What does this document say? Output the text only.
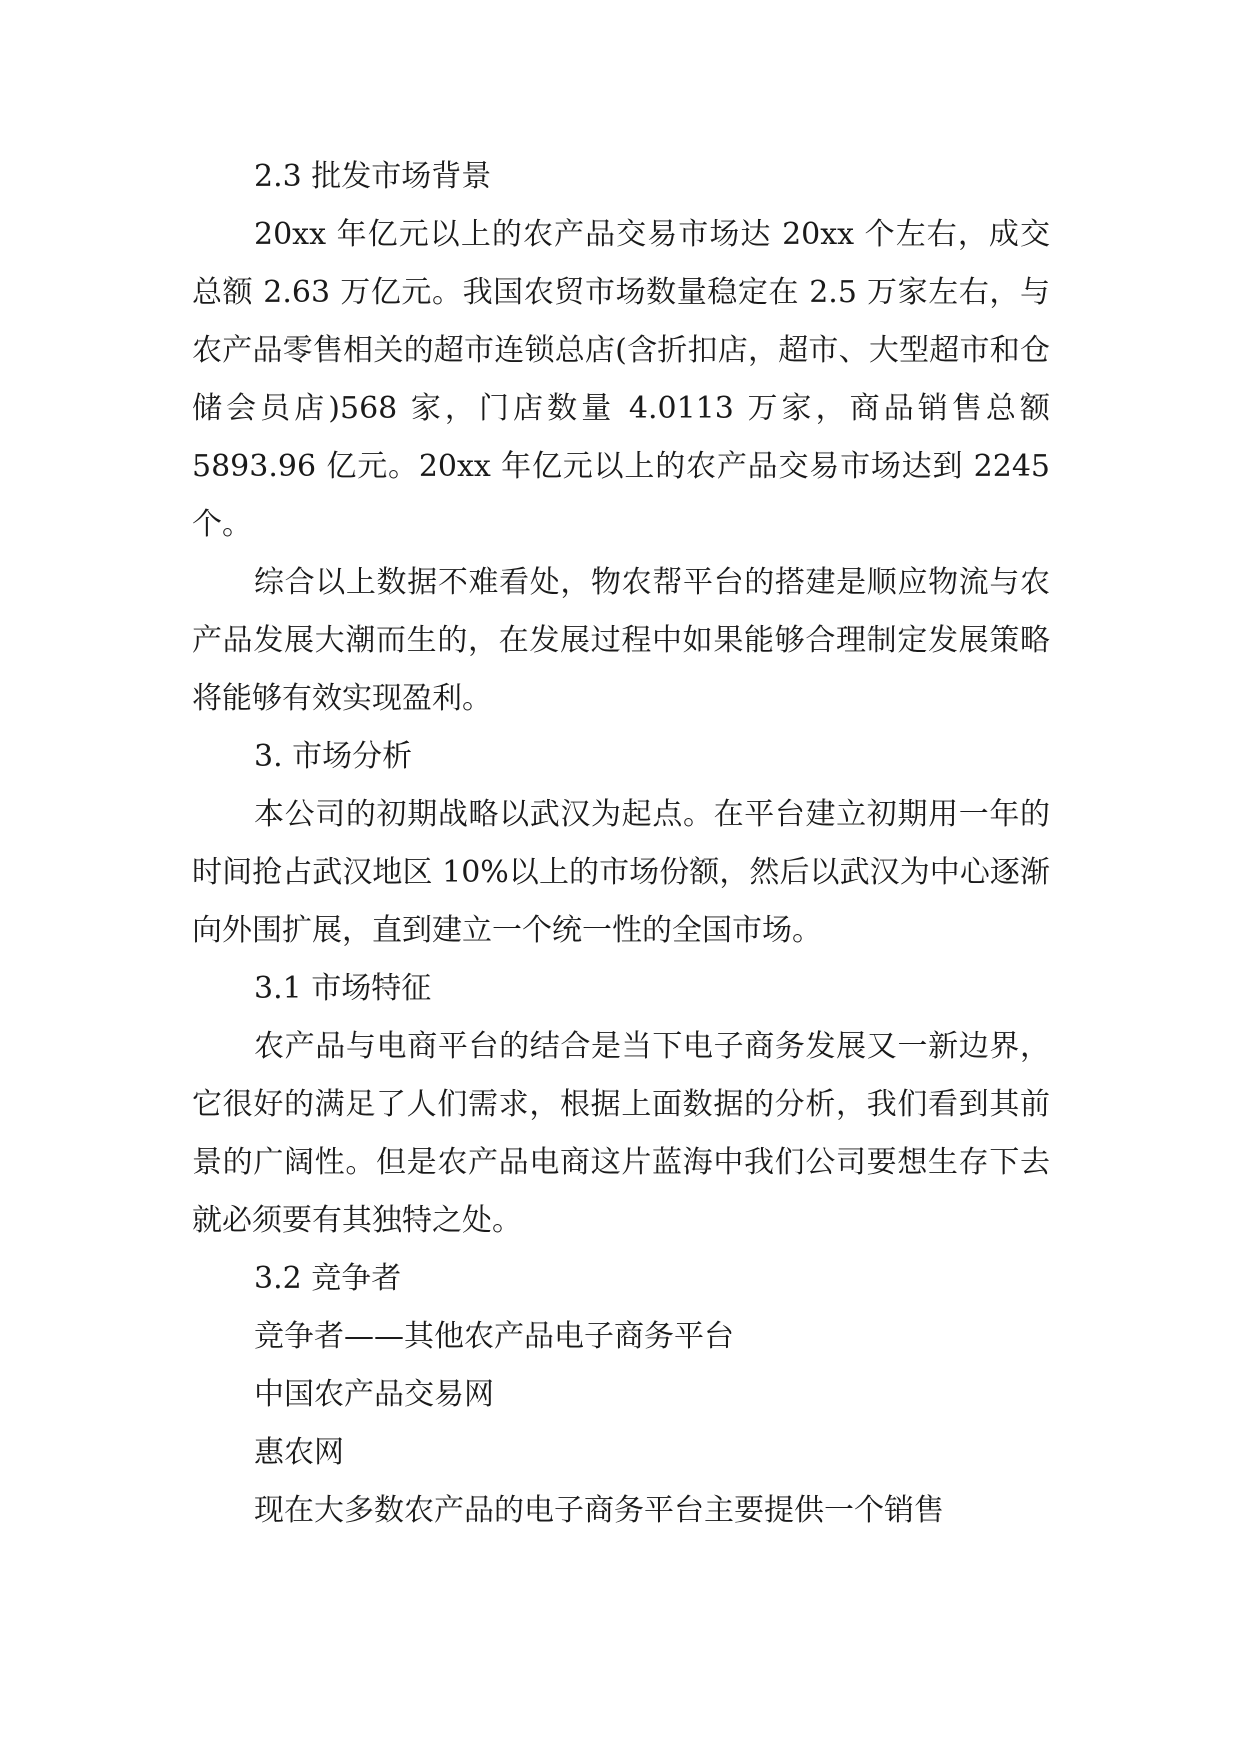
2.3 批发市场背景

20xx 年亿元以上的农产品交易市场达 20xx 个左右，成交总额 2.63 万亿元。我国农贸市场数量稳定在 2.5 万家左右，与农产品零售相关的超市连锁总店(含折扣店，超市、大型超市和仓储会员店)568 家，门店数量 4.0113 万家，商品销售总额 5893.96 亿元。20xx 年亿元以上的农产品交易市场达到 2245 个。

综合以上数据不难看处，物农帮平台的搭建是顺应物流与农产品发展大潮而生的，在发展过程中如果能够合理制定发展策略将能够有效实现盈利。

3. 市场分析

本公司的初期战略以武汉为起点。在平台建立初期用一年的时间抢占武汉地区 10%以上的市场份额，然后以武汉为中心逐渐向外围扩展，直到建立一个统一性的全国市场。

3.1 市场特征

农产品与电商平台的结合是当下电子商务发展又一新边界，它很好的满足了人们需求，根据上面数据的分析，我们看到其前景的广阔性。但是农产品电商这片蓝海中我们公司要想生存下去就必须要有其独特之处。

3.2 竞争者

竞争者——其他农产品电子商务平台

中国农产品交易网

惠农网

现在大多数农产品的电子商务平台主要提供一个销售
